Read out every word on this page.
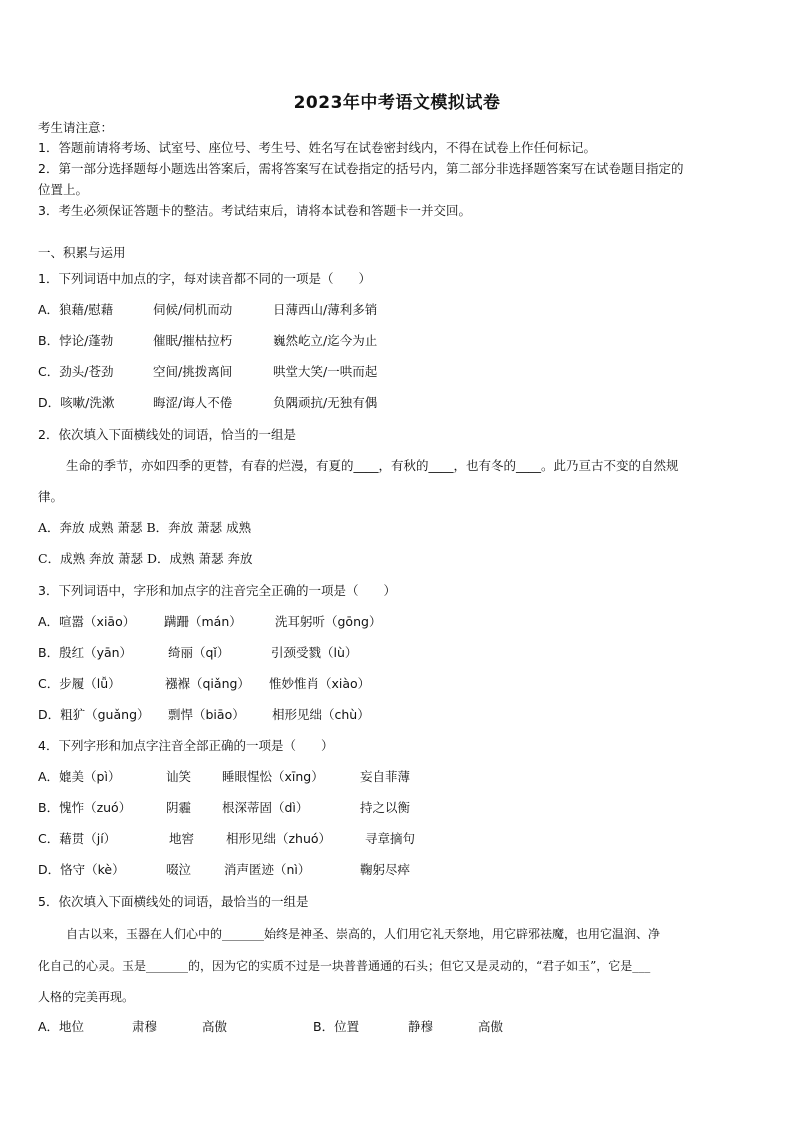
2023年中考语文模拟试卷
考生请注意：
1．答题前请将考场、试室号、座位号、考生号、姓名写在试卷密封线内，不得在试卷上作任何标记。
2．第一部分选择题每小题选出答案后，需将答案写在试卷指定的括号内，第二部分非选择题答案写在试卷题目指定的
位置上。
3．考生必须保证答题卡的整洁。考试结束后，请将本试卷和答题卡一并交回。
一、积累与运用
1．下列词语中加点的字，每对读音都不同的一项是（　　）
A．狼藉/慰藉	伺候/伺机而动	日薄西山/薄利多销
B．悖论/蓬勃	催眠/摧枯拉朽	巍然屹立/迄今为止
C．劲头/苍劲	空间/挑拨离间	哄堂大笑/一哄而起
D．咳嗽/洗漱	晦涩/诲人不倦	负隅顽抗/无独有偶
2．依次填入下面横线处的词语，恰当的一组是
生命的季节，亦如四季的更替，有春的烂漫，有夏的____，有秋的____，也有冬的____。此乃亘古不变的自然规
律。
A．奔放 成熟 萧瑟 B．奔放 萧瑟 成熟
C．成熟 奔放 萧瑟 D．成熟 萧瑟 奔放
3．下列词语中，字形和加点字的注音完全正确的一项是（　　）
A．喧嚣（xiāo） 蹒跚（mán）	洗耳躬听（gōng）
B．殷红（yān）	绮丽（qǐ）	引颈受戮（lù）
C．步履（lǚ）	襁褓（qiǎng） 惟妙惟肖（xiào）
D．粗犷（guǎng） 剽悍（biāo） 相形见绌（chù）
4．下列字形和加点字注音全部正确的一项是（　　）
A．媲美（pì）	讪笑 睡眼惺忪（xīng）	妄自菲薄
B．愧怍（zuó）	阴霾 根深蒂固（dì）	持之以衡
C．藉贯（jí）	地窖	相形见绌（zhuó）	寻章摘句
D．恪守（kè）	啜泣	消声匿迹（nì）	鞠躬尽瘁
5．依次填入下面横线处的词语，最恰当的一组是
自古以来，玉器在人们心中的_______始终是神圣、崇高的，人们用它礼天祭地，用它辟邪祛魔，也用它温润、净
化自己的心灵。玉是_______的，因为它的实质不过是一块普普通通的石头；但它又是灵动的，“君子如玉”，它是___
人格的完美再现。
A．地位	肃穆	高傲	B．位置	静穆	高傲
